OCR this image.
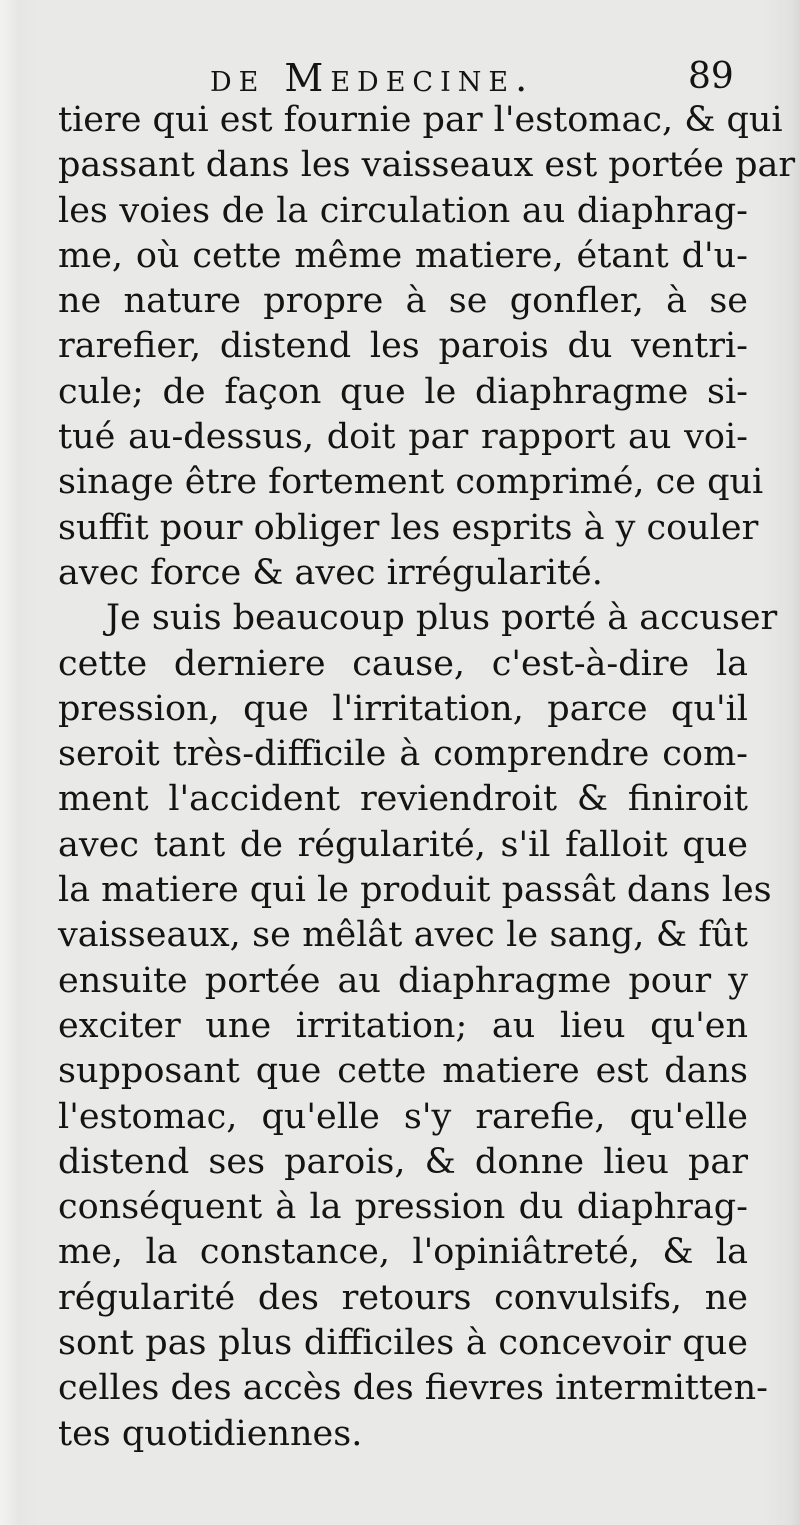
de Medecine.	89
tiere qui est fournie par l'estomac, & qui
passant dans les vaisseaux est portée par
les voies de la circulation au diaphrag-
me, où cette même matiere, étant d'u-
ne nature propre à se gonfler, à se
rarefier, distend les parois du ventri-
cule; de façon que le diaphragme si-
tué au-dessus, doit par rapport au voi-
sinage être fortement comprimé, ce qui
suffit pour obliger les esprits à y couler
avec force & avec irrégularité.
Je suis beaucoup plus porté à accuser
cette derniere cause, c'est-à-dire la
pression, que l'irritation, parce qu'il
seroit très-difficile à comprendre com-
ment l'accident reviendroit & finiroit
avec tant de régularité, s'il falloit que
la matiere qui le produit passât dans les
vaisseaux, se mêlât avec le sang, & fût
ensuite portée au diaphragme pour y
exciter une irritation; au lieu qu'en
supposant que cette matiere est dans
l'estomac, qu'elle s'y rarefie, qu'elle
distend ses parois, & donne lieu par
conséquent à la pression du diaphrag-
me, la constance, l'opiniâtreté, & la
régularité des retours convulsifs, ne
sont pas plus difficiles à concevoir que
celles des accès des fievres intermitten-
tes quotidiennes.
